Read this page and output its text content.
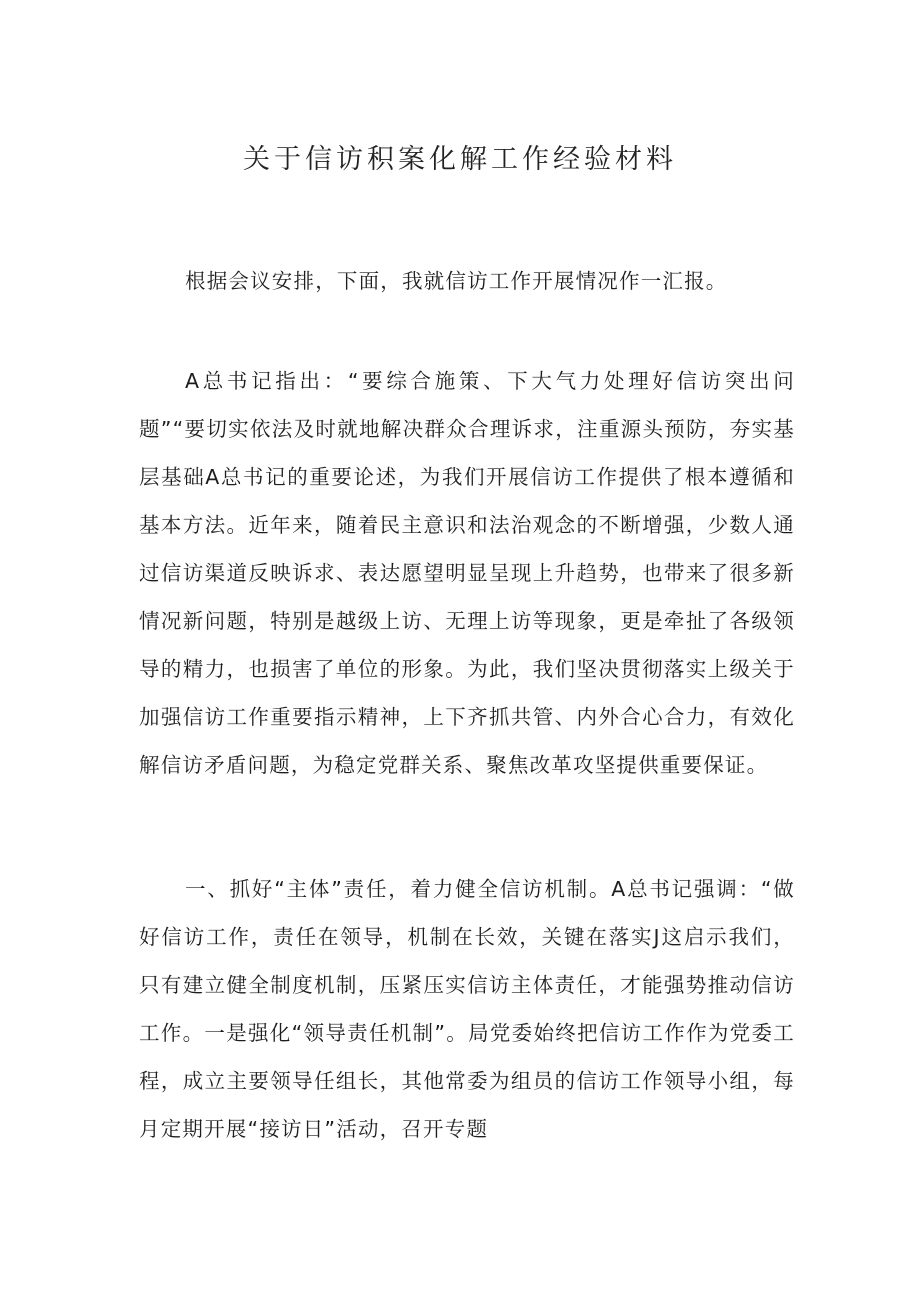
关于信访积案化解工作经验材料

根据会议安排，下面，我就信访工作开展情况作一汇报。

A总书记指出：“要综合施策、下大气力处理好信访突出问题”“要切实依法及时就地解决群众合理诉求，注重源头预防，夯实基层基础A总书记的重要论述，为我们开展信访工作提供了根本遵循和基本方法。近年来，随着民主意识和法治观念的不断增强，少数人通过信访渠道反映诉求、表达愿望明显呈现上升趋势，也带来了很多新情况新问题，特别是越级上访、无理上访等现象，更是牵扯了各级领导的精力，也损害了单位的形象。为此，我们坚决贯彻落实上级关于加强信访工作重要指示精神，上下齐抓共管、内外合心合力，有效化解信访矛盾问题，为稳定党群关系、聚焦改革攻坚提供重要保证。

一、抓好“主体”责任，着力健全信访机制。A总书记强调：“做好信访工作，责任在领导，机制在长效，关键在落实J这启示我们，只有建立健全制度机制，压紧压实信访主体责任，才能强势推动信访工作。一是强化“领导责任机制”。局党委始终把信访工作作为党委工程，成立主要领导任组长，其他常委为组员的信访工作领导小组，每月定期开展“接访日”活动，召开专题
